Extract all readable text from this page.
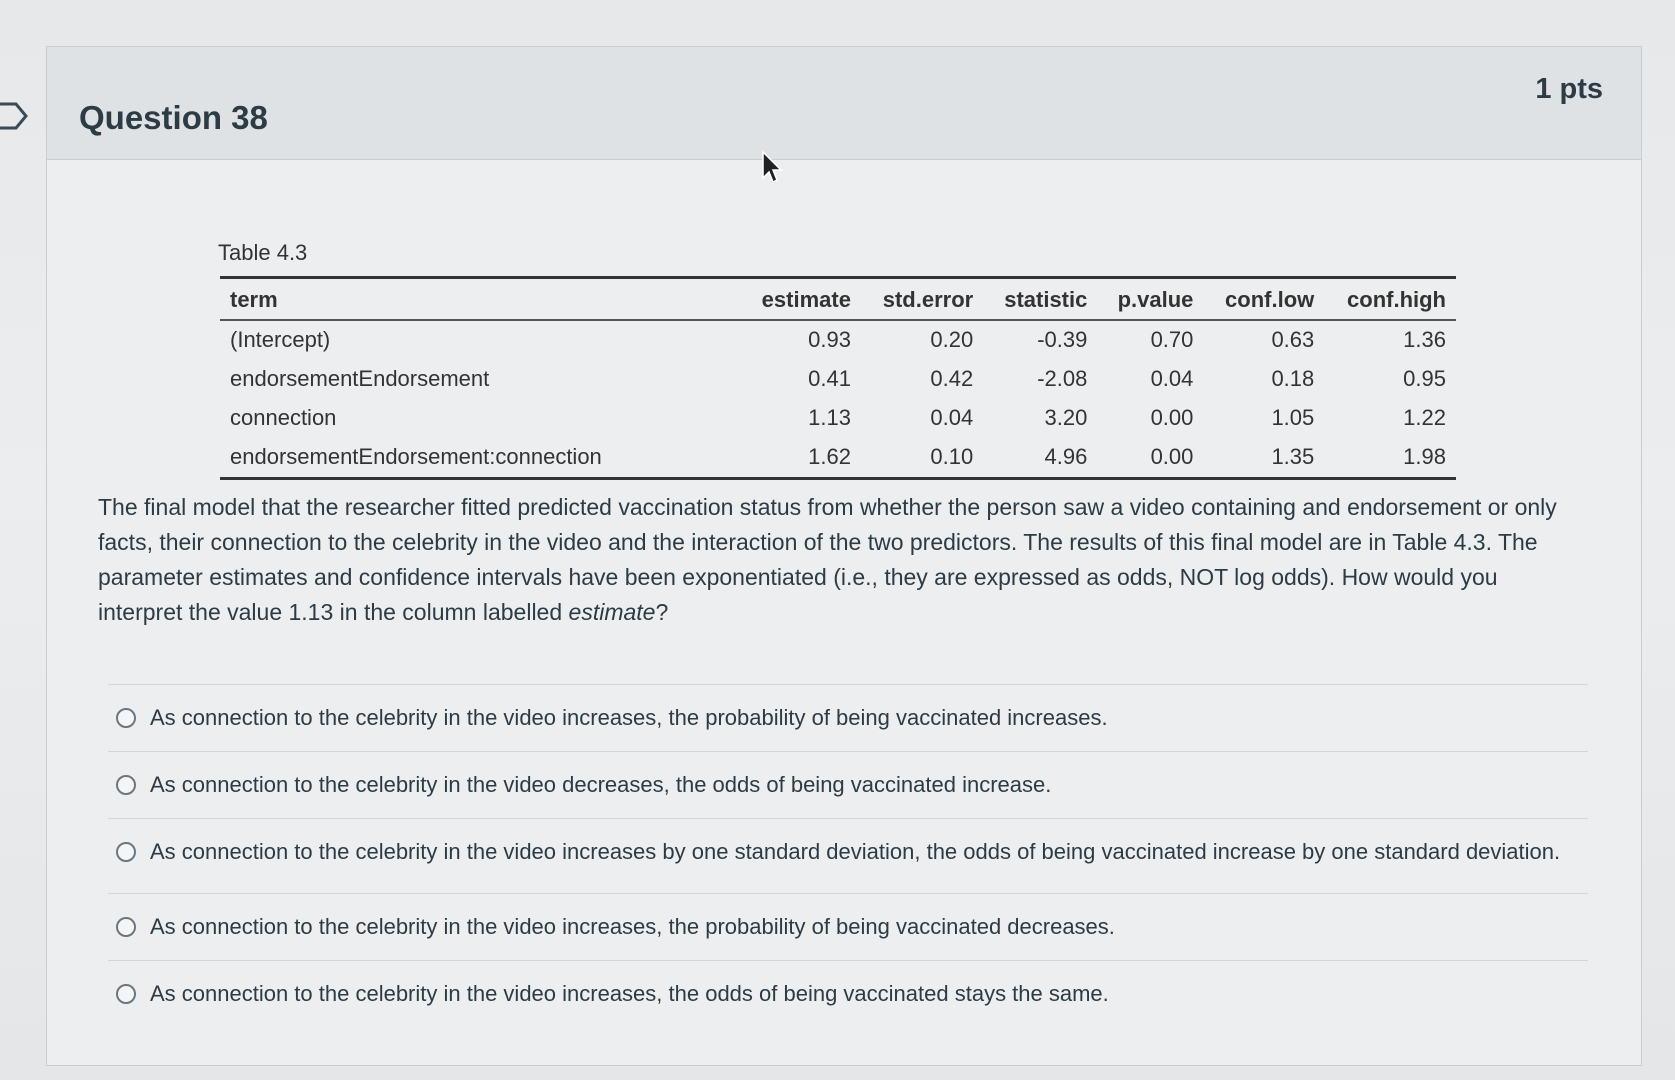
Question 38
1 pts
Table 4.3
term	estimate	std.error	statistic	p.value	conf.low	conf.high
(Intercept)	0.93	0.20	-0.39	0.70	0.63	1.36
endorsementEndorsement	0.41	0.42	-2.08	0.04	0.18	0.95
connection	1.13	0.04	3.20	0.00	1.05	1.22
endorsementEndorsement:connection	1.62	0.10	4.96	0.00	1.35	1.98
The final model that the researcher fitted predicted vaccination status from whether the person saw a video containing and endorsement or only facts, their connection to the celebrity in the video and the interaction of the two predictors. The results of this final model are in Table 4.3. The parameter estimates and confidence intervals have been exponentiated (i.e., they are expressed as odds, NOT log odds). How would you interpret the value 1.13 in the column labelled estimate?
As connection to the celebrity in the video increases, the probability of being vaccinated increases.
As connection to the celebrity in the video decreases, the odds of being vaccinated increase.
As connection to the celebrity in the video increases by one standard deviation, the odds of being vaccinated increase by one standard deviation.
As connection to the celebrity in the video increases, the probability of being vaccinated decreases.
As connection to the celebrity in the video increases, the odds of being vaccinated stays the same.
